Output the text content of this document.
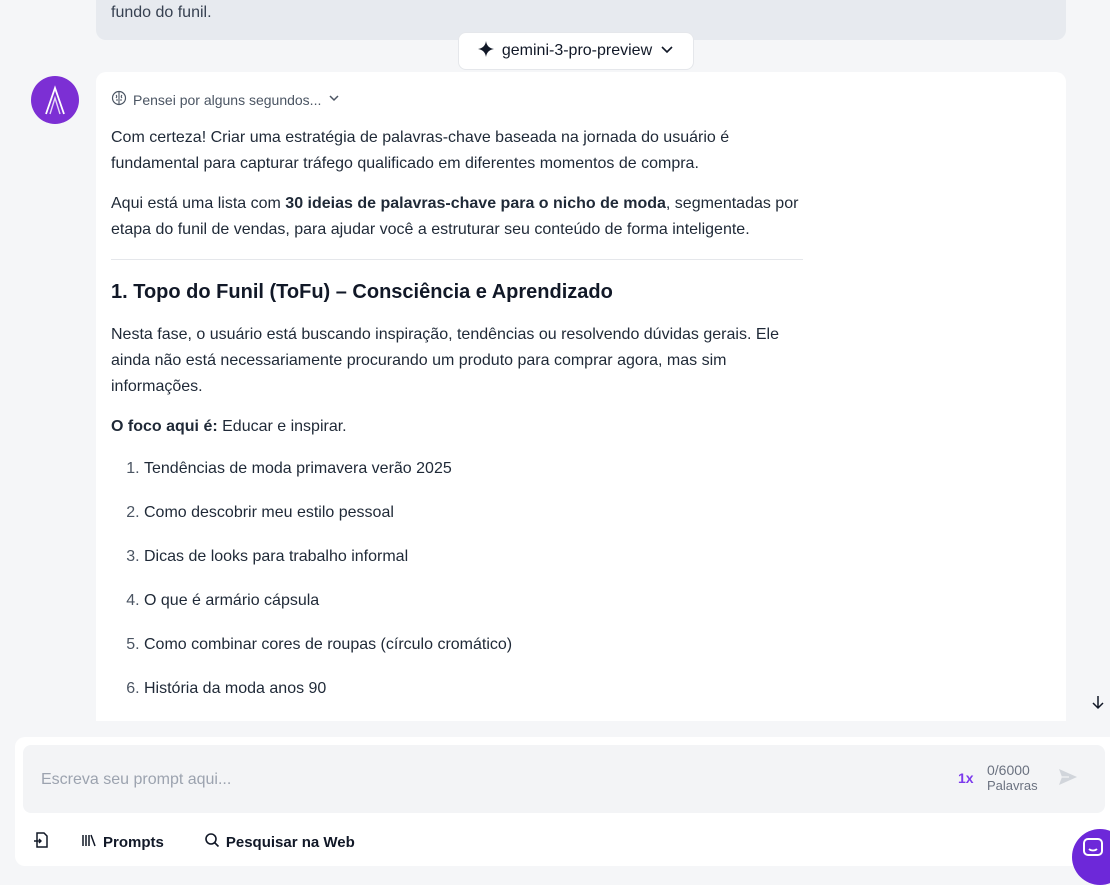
fundo do funil.
gemini-3-pro-preview
Pensei por alguns segundos...

Com certeza! Criar uma estratégia de palavras-chave baseada na jornada do usuário é fundamental para capturar tráfego qualificado em diferentes momentos de compra.

Aqui está uma lista com 30 ideias de palavras-chave para o nicho de moda, segmentadas por etapa do funil de vendas, para ajudar você a estruturar seu conteúdo de forma inteligente.

1. Topo do Funil (ToFu) – Consciência e Aprendizado

Nesta fase, o usuário está buscando inspiração, tendências ou resolvendo dúvidas gerais. Ele ainda não está necessariamente procurando um produto para comprar agora, mas sim informações.

O foco aqui é: Educar e inspirar.

1. Tendências de moda primavera verão 2025
2. Como descobrir meu estilo pessoal
3. Dicas de looks para trabalho informal
4. O que é armário cápsula
5. Como combinar cores de roupas (círculo cromático)
6. História da moda anos 90
Escreva seu prompt aqui...
1x 0/6000
Palavras
Prompts	Pesquisar na Web
